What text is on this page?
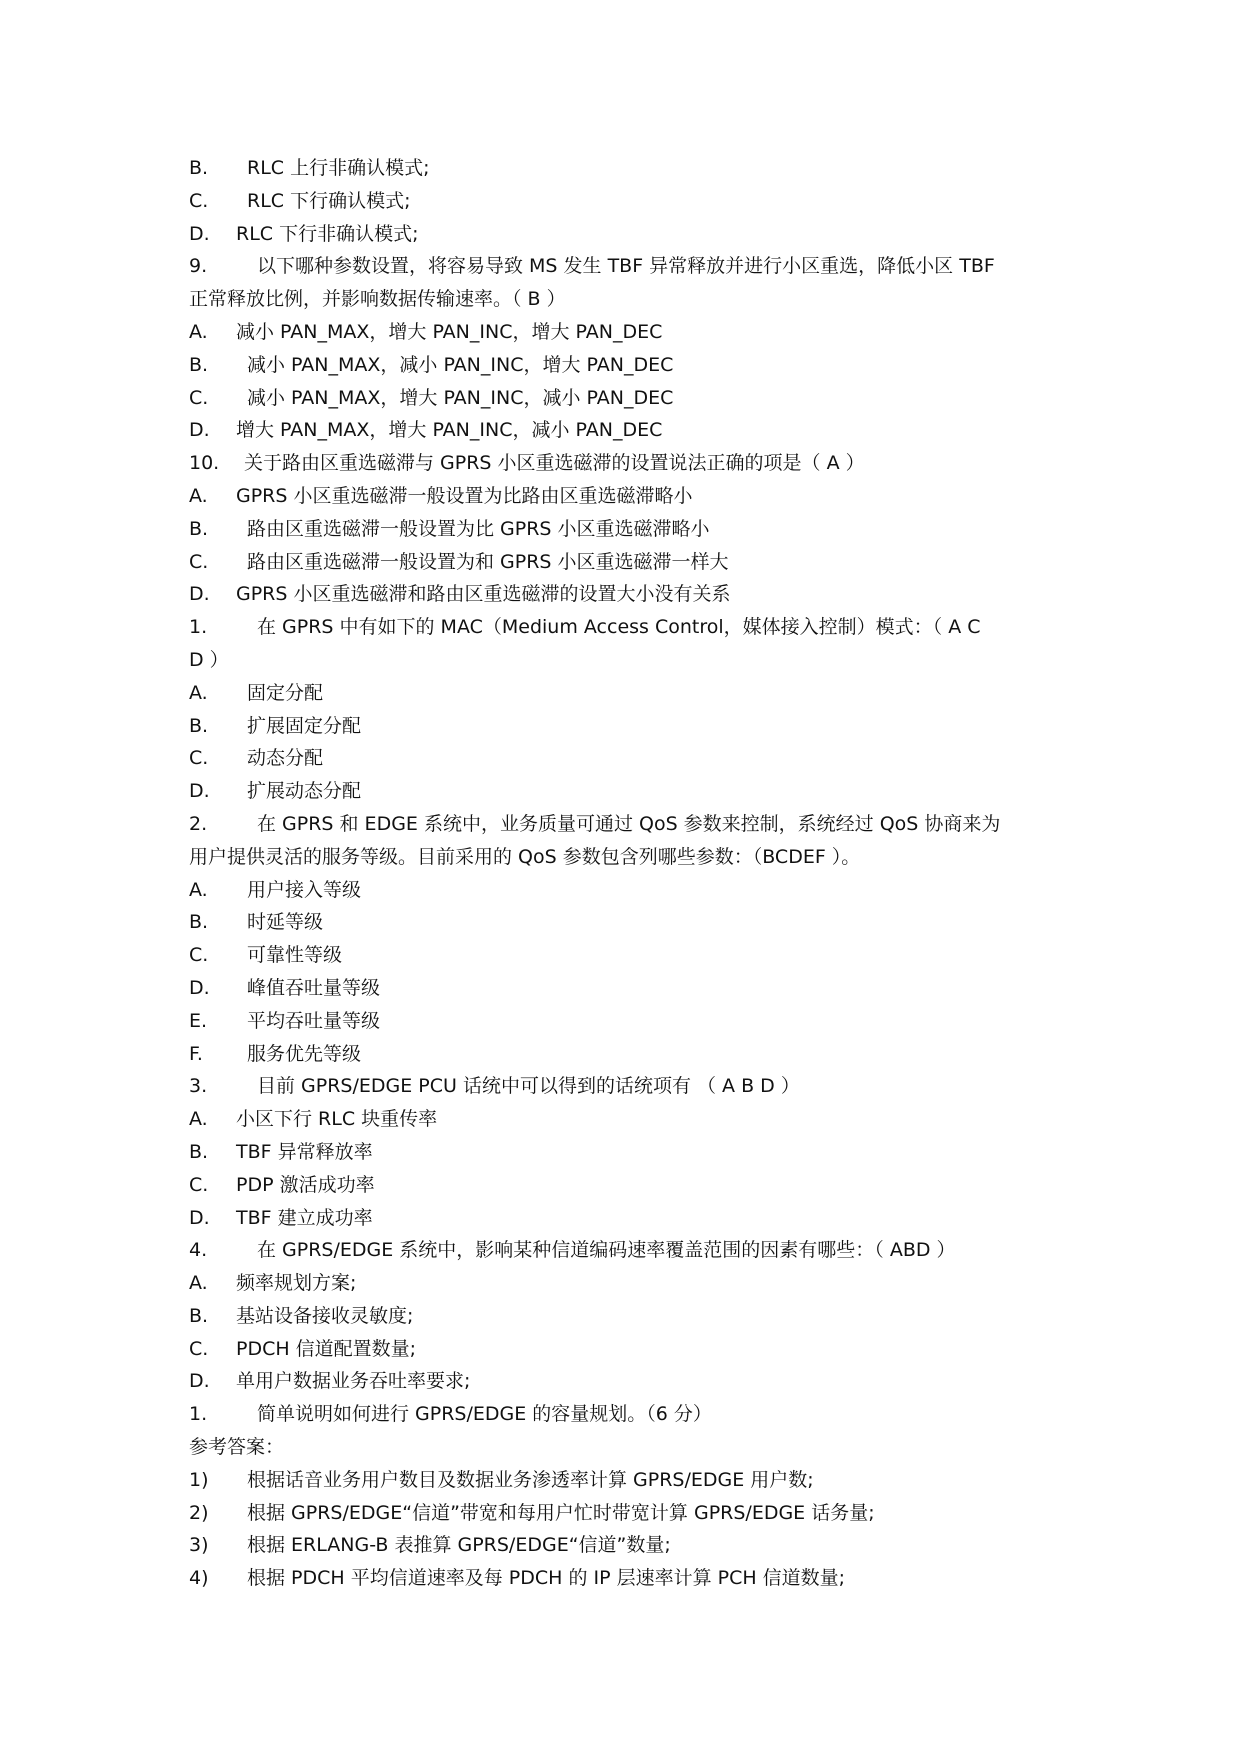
B. RLC 上行非确认模式;
C. RLC 下行确认模式;
D. RLC 下行非确认模式;
9.	以下哪种参数设置，将容易导致 MS 发生 TBF 异常释放并进行小区重选，降低小区 TBF
正常释放比例，并影响数据传输速率。（ B ）
A. 减小 PAN_MAX，增大 PAN_INC，增大 PAN_DEC
B. 减小 PAN_MAX，减小 PAN_INC，增大 PAN_DEC
C. 减小 PAN_MAX，增大 PAN_INC，减小 PAN_DEC
D. 增大 PAN_MAX，增大 PAN_INC，减小 PAN_DEC
10. 关于路由区重选磁滞与 GPRS 小区重选磁滞的设置说法正确的项是（ A ）
A. GPRS 小区重选磁滞一般设置为比路由区重选磁滞略小
B. 路由区重选磁滞一般设置为比 GPRS 小区重选磁滞略小
C. 路由区重选磁滞一般设置为和 GPRS 小区重选磁滞一样大
D. GPRS 小区重选磁滞和路由区重选磁滞的设置大小没有关系
1.	在 GPRS 中有如下的 MAC（Medium Access Control，媒体接入控制）模式：（ A C
D ）
A. 固定分配
B. 扩展固定分配
C. 动态分配
D. 扩展动态分配
2.	在 GPRS 和 EDGE 系统中，业务质量可通过 QoS 参数来控制，系统经过 QoS 协商来为
用户提供灵活的服务等级。目前采用的 QoS 参数包含列哪些参数：（BCDEF ）。
A. 用户接入等级
B. 时延等级
C. 可靠性等级
D. 峰值吞吐量等级
E. 平均吞吐量等级
F. 服务优先等级
3.	目前 GPRS/EDGE PCU 话统中可以得到的话统项有 （ A B D ）
A. 小区下行 RLC 块重传率
B. TBF 异常释放率
C. PDP 激活成功率
D. TBF 建立成功率
4.	在 GPRS/EDGE 系统中，影响某种信道编码速率覆盖范围的因素有哪些：（ ABD ）
A. 频率规划方案;
B. 基站设备接收灵敏度;
C. PDCH 信道配置数量;
D. 单用户数据业务吞吐率要求;
1.	简单说明如何进行 GPRS/EDGE 的容量规划。（6 分）
参考答案：
1) 根据话音业务用户数目及数据业务渗透率计算 GPRS/EDGE 用户数;
2) 根据 GPRS/EDGE“信道”带宽和每用户忙时带宽计算 GPRS/EDGE 话务量;
3) 根据 ERLANG-B 表推算 GPRS/EDGE“信道”数量;
4) 根据 PDCH 平均信道速率及每 PDCH 的 IP 层速率计算 PCH 信道数量;
